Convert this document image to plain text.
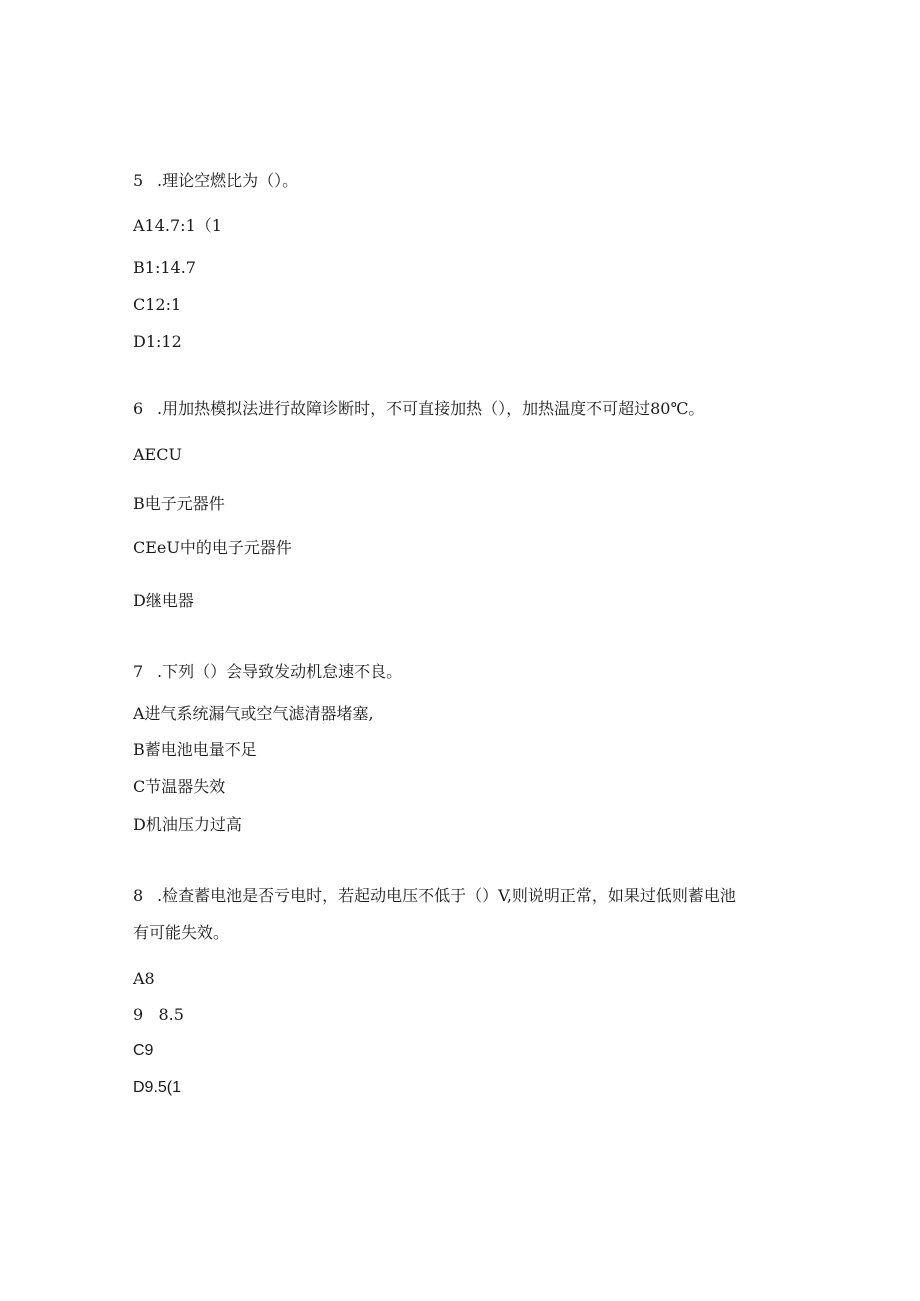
5 .理论空燃比为（）。
A14.7:1（1
B1:14.7
C12:1
D1:12
6 .用加热模拟法进行故障诊断时，不可直接加热（），加热温度不可超过80℃。
AECU
B电子元器件
CEeU中的电子元器件
D继电器
7 .下列（）会导致发动机怠速不良。
A进气系统漏气或空气滤清器堵塞,
B蓄电池电量不足
C节温器失效
D机油压力过高
8 .检查蓄电池是否亏电时，若起动电压不低于（）V,则说明正常，如果过低则蓄电池
有可能失效。
A8
9   8.5
C9
D9.5(1
